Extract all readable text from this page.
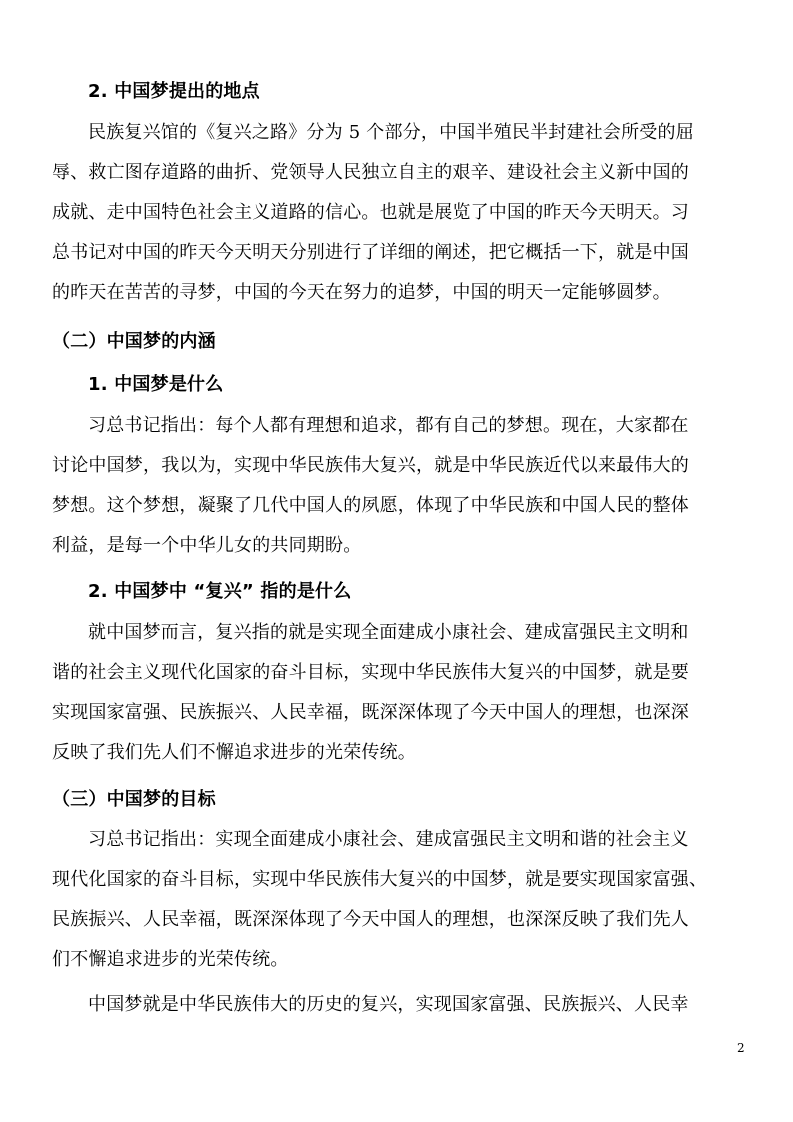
2. 中国梦提出的地点
民族复兴馆的《复兴之路》分为 5 个部分，中国半殖民半封建社会所受的屈
辱、救亡图存道路的曲折、党领导人民独立自主的艰辛、建设社会主义新中国的
成就、走中国特色社会主义道路的信心。也就是展览了中国的昨天今天明天。习
总书记对中国的昨天今天明天分别进行了详细的阐述，把它概括一下，就是中国
的昨天在苦苦的寻梦，中国的今天在努力的追梦，中国的明天一定能够圆梦。
（二）中国梦的内涵
1. 中国梦是什么
习总书记指出：每个人都有理想和追求，都有自己的梦想。现在，大家都在
讨论中国梦，我以为，实现中华民族伟大复兴，就是中华民族近代以来最伟大的
梦想。这个梦想，凝聚了几代中国人的夙愿，体现了中华民族和中国人民的整体
利益，是每一个中华儿女的共同期盼。
2. 中国梦中 “复兴” 指的是什么
就中国梦而言，复兴指的就是实现全面建成小康社会、建成富强民主文明和
谐的社会主义现代化国家的奋斗目标，实现中华民族伟大复兴的中国梦，就是要
实现国家富强、民族振兴、人民幸福，既深深体现了今天中国人的理想，也深深
反映了我们先人们不懈追求进步的光荣传统。
（三）中国梦的目标
习总书记指出：实现全面建成小康社会、建成富强民主文明和谐的社会主义
现代化国家的奋斗目标，实现中华民族伟大复兴的中国梦，就是要实现国家富强、
民族振兴、人民幸福，既深深体现了今天中国人的理想，也深深反映了我们先人
们不懈追求进步的光荣传统。
中国梦就是中华民族伟大的历史的复兴，实现国家富强、民族振兴、人民幸
2
